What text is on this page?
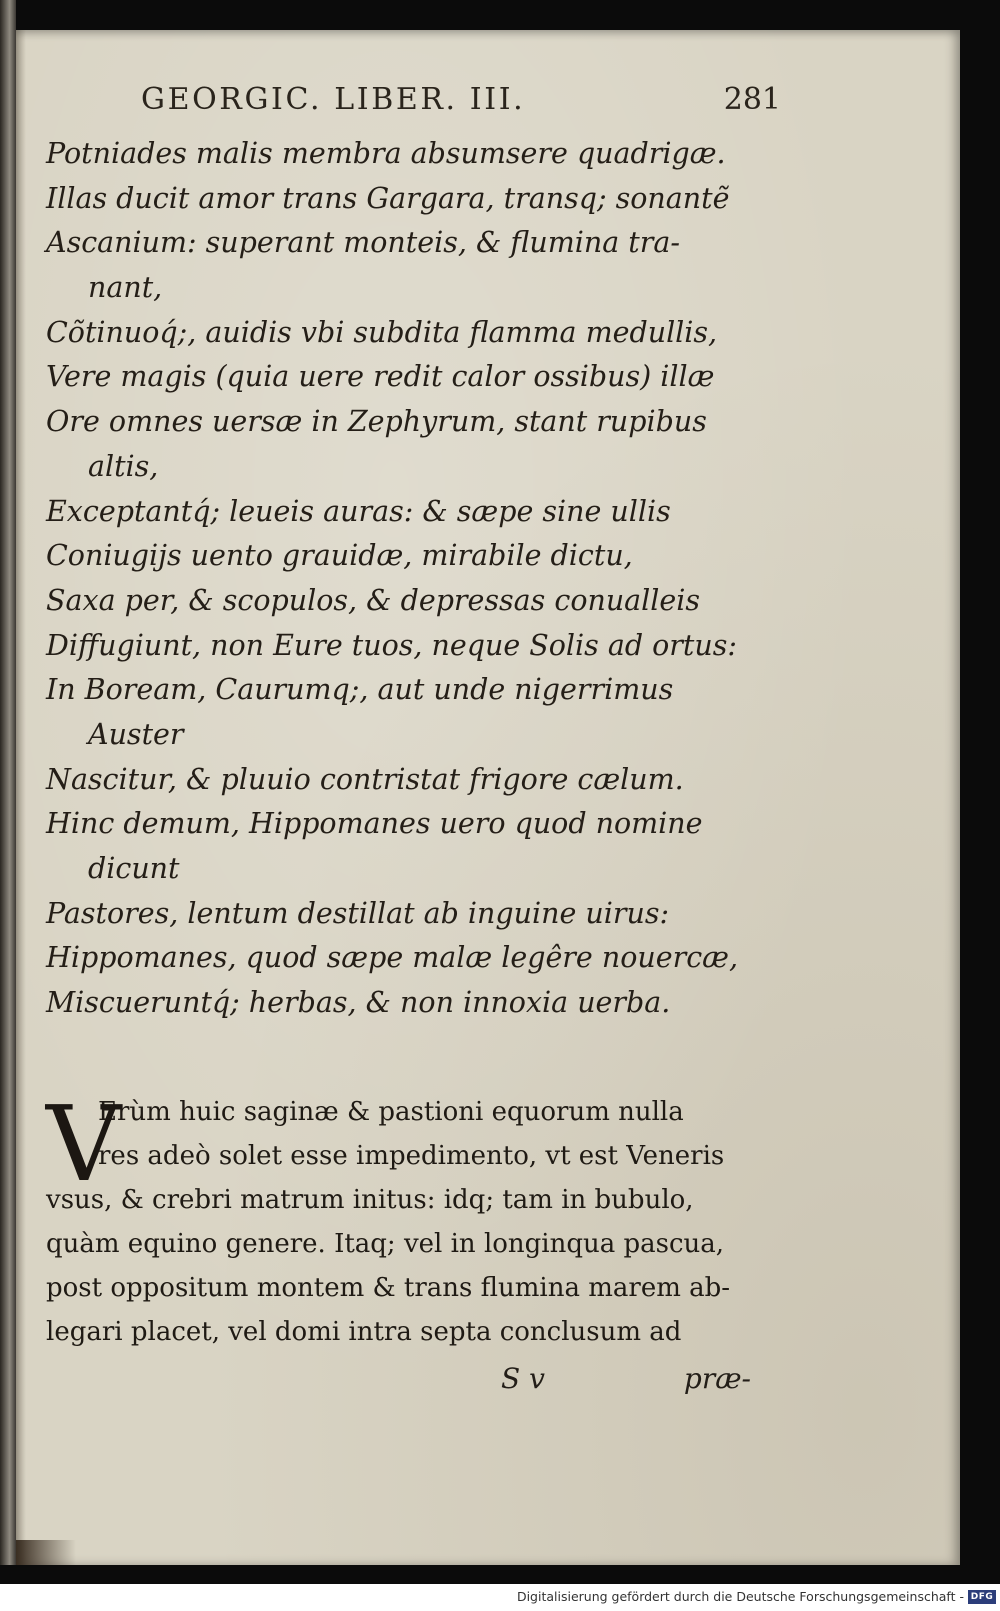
GEORGIC. LIBER. III.	281
Potniades malis membra absumsere quadrigæ.
Illas ducit amor trans Gargara, transq; sonantẽ
Ascanium: superant monteis, & flumina tra-
nant,
Cõtinuoq́;, auidis vbi subdita flamma medullis,
Vere magis (quia uere redit calor ossibus) illæ
Ore omnes uersæ in Zephyrum, stant rupibus
altis,
Exceptantq́; leueis auras: & sæpe sine ullis
Coniugijs uento grauidæ, mirabile dictu,
Saxa per, & scopulos, & depressas conualleis
Diffugiunt, non Eure tuos, neque Solis ad ortus:
In Boream, Caurumq;, aut unde nigerrimus
Auster
Nascitur, & pluuio contristat frigore cælum.
Hinc demum, Hippomanes uero quod nomine
dicunt
Pastores, lentum destillat ab inguine uirus:
Hippomanes, quod sæpe malæ legêre nouercæ,
Miscueruntq́; herbas, & non innoxia uerba.
V
Erùm huic saginæ & pastioni equorum nulla
res adeò solet esse impedimento, vt est Veneris
vsus, & crebri matrum initus: idq; tam in bubulo,
quàm equino genere. Itaq; vel in longinqua pascua,
post oppositum montem & trans flumina marem ab-
legari placet, vel domi intra septa conclusum ad
S v	præ-
Digitalisierung gefördert durch die Deutsche Forschungsgemeinschaft - DFG
